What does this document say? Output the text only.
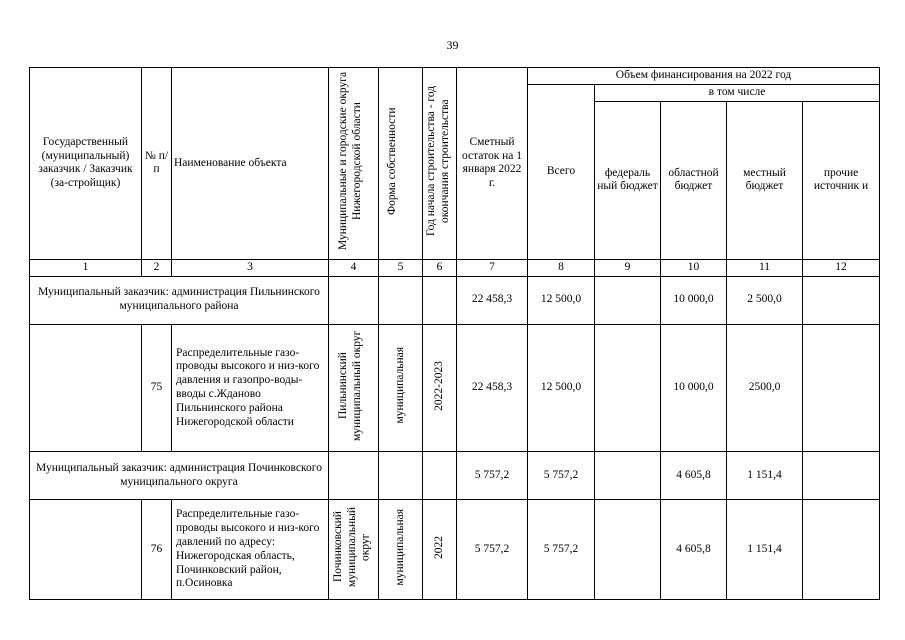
39
Государственный (муниципальный) заказчик / Заказчик (за-стройщик)	№ п/п	Наименование объекта	Муниципальные и городские округа Нижегородской области	Форма собственности	Год начала строительства - год окончания строительства	Сметный остаток на 1 января 2022 г.	Объем финансирования на 2022 год				
							Всего	в том числе			
								федераль ный бюджет	областной бюджет	местный бюджет	прочие источник и
1	2	3	4	5	6	7	8	9	10	11	12
Муниципальный заказчик: администрация Пильнинского муниципального района						22 458,3	12 500,0		10 000,0	2 500,0	
	75	Распределительные газо-проводы высокого и низ-кого давления и газопро-воды-вводы с.Жданово Пильнинского района Нижегородской области	Пильнинский муниципальный округ	муниципальная	2022-2023	22 458,3	12 500,0		10 000,0	2500,0	
Муниципальный заказчик: администрация Починковского муниципального округа						5 757,2	5 757,2		4 605,8	1 151,4	
	76	Распределительные газо-проводы высокого и низ-кого давлений по адресу: Нижегородская область, Починковский район, п.Осиновка	Починковский муниципальный округ	муниципальная	2022	5 757,2	5 757,2		4 605,8	1 151,4	
